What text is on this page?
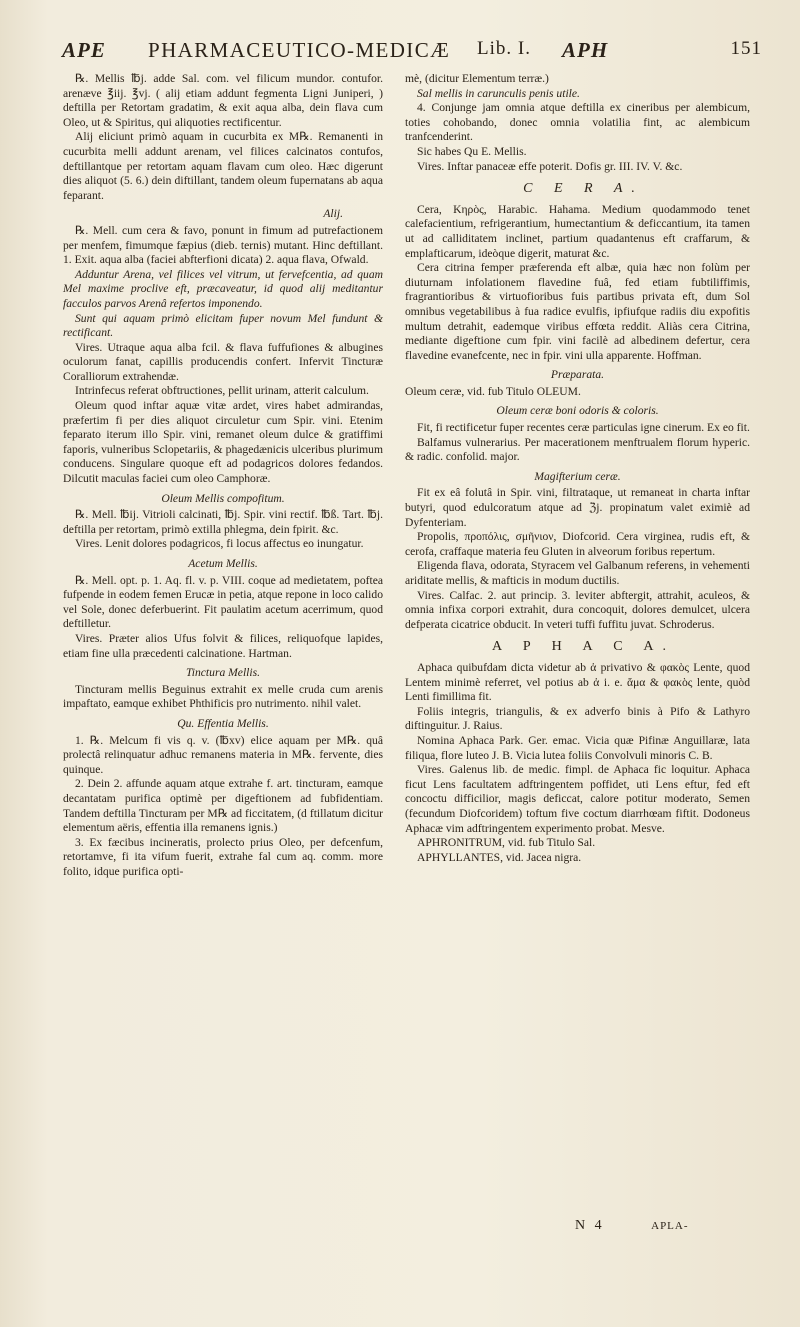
APE PHARMACEUTICO-MEDICÆ Lib. I. APH	151

℞. Mellis ℔j. adde Sal. com. vel filicum mundor. contufor. arenæve ℥iij. ℥vj. ( alij etiam addunt fegmenta Ligni Juniperi, ) deftilla per Retortam gradatim, & exit aqua alba, dein flava cum Oleo, ut & Spiritus, qui aliquoties rectificentur.

Alij eliciunt primò aquam in cucurbita ex M℞. Remanenti in cucurbita melli addunt arenam, vel filices calcinatos contufos, deftillantque per retortam aquam flavam cum oleo. Hæc digerunt dies aliquot (5. 6.) dein diftillant, tandem oleum fupernatans ab aqua feparant.

Alij.

℞. Mell. cum cera & favo, ponunt in fimum ad putrefactionem per menfem, fimumque fæpius (dieb. ternis) mutant. Hinc deftillant. 1. Exit. aqua alba (faciei abfterfioni dicata) 2. aqua flava, Ofwald.

Adduntur Arena, vel filices vel vitrum, ut fervefcentia, ad quam Mel maxime proclive eft, præcaveatur, id quod alij meditantur facculos parvos Arenâ refertos imponendo.

Sunt qui aquam primò elicitam fuper novum Mel fundunt & rectificant.

Vires. Utraque aqua alba fcil. & flava fuffufiones & albugines oculorum fanat, capillis producendis confert. Infervit Tincturæ Coralliorum extrahendæ.

Intrinfecus referat obftructiones, pellit urinam, atterit calculum.

Oleum quod inftar aquæ vitæ ardet, vires habet admirandas, præfertim fi per dies aliquot circuletur cum Spir. vini. Etenim feparato iterum illo Spir. vini, remanet oleum dulce & gratiffimi faporis, vulneribus Sclopetariis, & phagedænicis ulceribus plurimum conducens. Singulare quoque eft ad podagricos dolores fedandos. Dilcutit maculas faciei cum oleo Camphoræ.

Oleum Mellis compofitum.

℞. Mell. ℔ij. Vitrioli calcinati, ℔j. Spir. vini rectif. ℔ß. Tart. ℔j. deftilla per retortam, primò extilla phlegma, dein fpirit. &c.

Vires. Lenit dolores podagricos, fi locus affectus eo inungatur.

Acetum Mellis.

℞. Mell. opt. p. 1. Aq. fl. v. p. VIII. coque ad medietatem, poftea fufpende in eodem femen Erucæ in petia, atque repone in loco calido vel Sole, donec deferbuerint. Fit paulatim acetum acerrimum, quod deftilletur.

Vires. Præter alios Ufus folvit & filices, reliquofque lapides, etiam fine ulla præcedenti calcinatione. Hartman.

Tinctura Mellis.

Tincturam mellis Beguinus extrahit ex melle cruda cum arenis impaftato, eamque exhibet Phthificis pro nutrimento. nihil valet.

Qu. Effentia Mellis.

1. ℞. Melcum fi vis q. v. (℔xv) elice aquam per M℞. quâ prolectâ relinquatur adhuc remanens materia in M℞. fervente, dies quinque.

2. Dein 2. affunde aquam atque extrahe f. art. tincturam, eamque decantatam purifica optimè per digeftionem ad fubfidentiam. Tandem deftilla Tincturam per M℞ ad ficcitatem, (d ftillatum dicitur elementum aëris, effentia illa remanens ignis.)

3. Ex fæcibus incineratis, prolecto prius Oleo, per defcenfum, retortamve, fi ita vifum fuerit, extrahe fal cum aq. comm. more folito, idque purifica opti-

mè, (dicitur Elementum terræ.)

Sal mellis in carunculis penis utile.

4. Conjunge jam omnia atque deftilla ex cineribus per alembicum, toties cohobando, donec omnia volatilia fint, ac alembicum tranfcenderint.

Sic habes Qu E. Mellis.

Vires. Inftar panaceæ effe poterit. Dofis gr. III. IV. V. &c.

C E R A.

Cera, Κηρὸς, Harabic. Hahama. Medium quodammodo tenet calefacientium, refrigerantium, humectantium & deficcantium, ita tamen ut ad calliditatem inclinet, partium quadantenus eft craffarum, & emplafticarum, ideòque digerit, maturat &c.

Cera citrina femper præferenda eft albæ, quia hæc non folùm per diuturnam infolationem flavedine fuâ, fed etiam fubtiliffimis, fragrantioribus & virtuofioribus fuis partibus privata eft, dum Sol omnibus vegetabilibus à fua radice evulfis, ipfiufque radiis diu expofitis multum detrahit, eademque viribus effœta reddit. Aliàs cera Citrina, mediante digeftione cum fpir. vini facilè ad albedinem defertur, cera flavedine evanefcente, nec in fpir. vini ulla apparente. Hoffman.

Præparata.

Oleum ceræ, vid. fub Titulo OLEUM.

Oleum ceræ boni odoris & coloris.

Fit, fi rectificetur fuper recentes ceræ particulas igne cinerum. Ex eo fit.

Balfamus vulnerarius. Per macerationem menftrualem florum hyperic. & radic. confolid. major.

Magifterium ceræ.

Fit ex eâ folutâ in Spir. vini, filtrataque, ut remaneat in charta inftar butyri, quod edulcoratum atque ad ℨj. propinatum valet eximiè ad Dyfenteriam.

Propolis, προπόλις, σμῆνιον, Diofcorid. Cera virginea, rudis eft, & cerofa, craffaque materia feu Gluten in alveorum foribus repertum.

Eligenda flava, odorata, Styracem vel Galbanum referens, in vehementi ariditate mellis, & mafticis in modum ductilis.

Vires. Calfac. 2. aut princip. 3. leviter abftergit, attrahit, aculeos, & omnia infixa corpori extrahit, dura concoquit, dolores demulcet, ulcera defperata cicatrice obducit. In veteri tuffi fuffitu juvat. Schroderus.

A P H A C A.

Aphaca quibufdam dicta videtur ab ἀ privativo & φακὸς Lente, quod Lentem minimè referret, vel potius ab ἀ i. e. ἅμα & φακὸς lente, quòd Lenti fimillima fit.

Foliis integris, triangulis, & ex adverfo binis à Pifo & Lathyro diftinguitur. J. Raius.

Nomina Aphaca Park. Ger. emac. Vicia quæ Pifinæ Anguillaræ, lata filiqua, flore luteo J. B. Vicia lutea foliis Convolvuli minoris C. B.

Vires. Galenus lib. de medic. fimpl. de Aphaca fic loquitur. Aphaca ficut Lens facultatem adftringentem poffidet, uti Lens eftur, fed eft concoctu difficilior, magis deficcat, calore potitur moderato, Semen (fecundum Diofcoridem) toftum five coctum diarrhœam fiftit. Dodoneus Aphacæ vim adftringentem experimento probat. Mesve.

APHRONITRUM, vid. fub Titulo Sal.

APHYLLANTES, vid. Jacea nigra.

N 4	APLA-
